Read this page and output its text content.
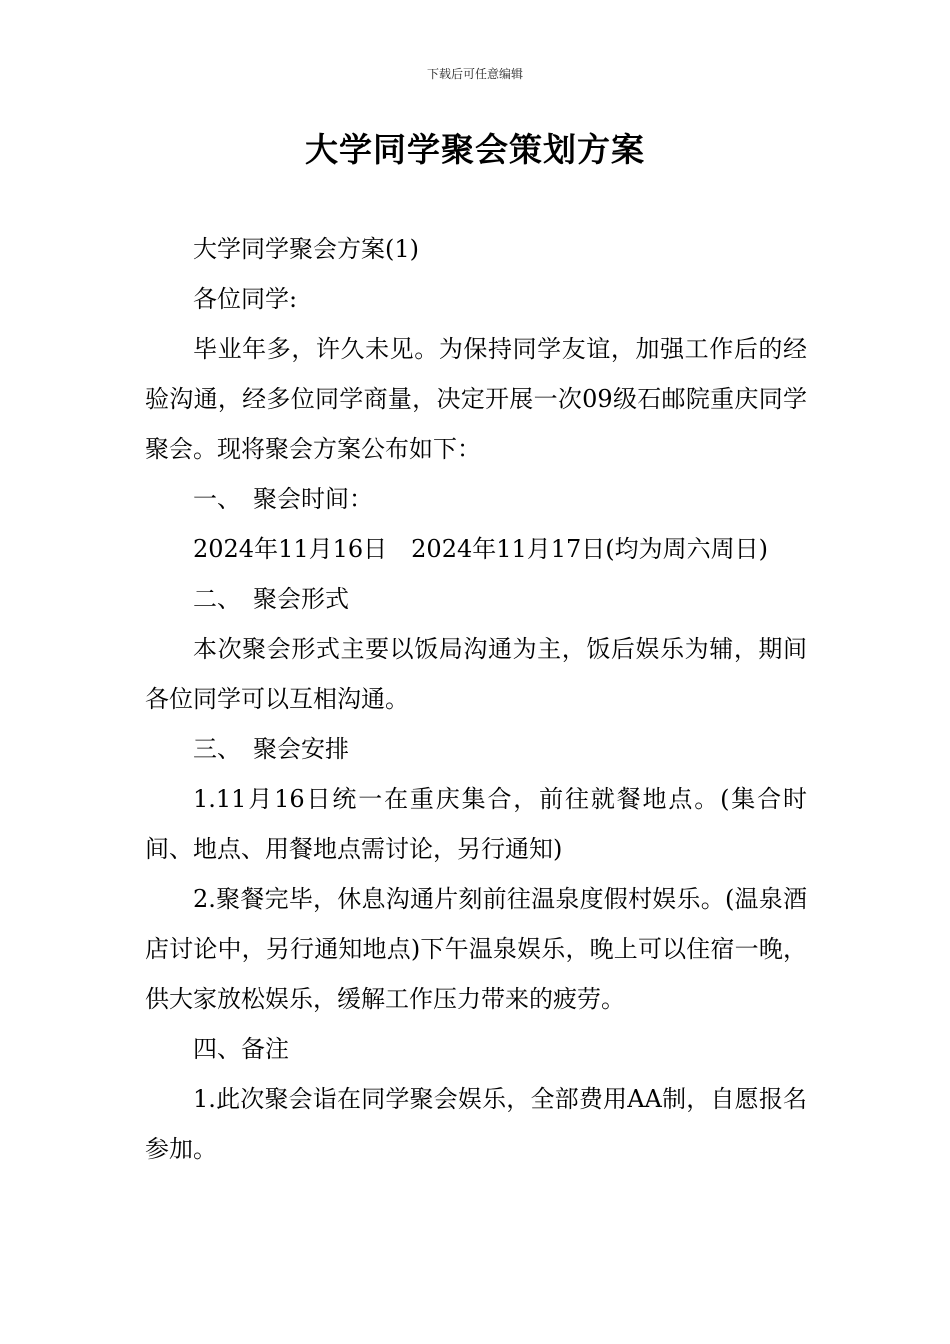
下载后可任意编辑
大学同学聚会策划方案

大学同学聚会方案(1)

各位同学:

毕业年多，许久未见。为保持同学友谊，加强工作后的经验沟通，经多位同学商量，决定开展一次09级石邮院重庆同学聚会。现将聚会方案公布如下：

一、　聚会时间：

2024年11月16日　2024年11月17日(均为周六周日)

二、　聚会形式

本次聚会形式主要以饭局沟通为主，饭后娱乐为辅，期间各位同学可以互相沟通。

三、　聚会安排

1.11月16日统一在重庆集合，前往就餐地点。(集合时间、地点、用餐地点需讨论，另行通知)

2.聚餐完毕，休息沟通片刻前往温泉度假村娱乐。(温泉酒店讨论中，另行通知地点)下午温泉娱乐，晚上可以住宿一晚，供大家放松娱乐，缓解工作压力带来的疲劳。

四、备注

1.此次聚会诣在同学聚会娱乐，全部费用AA制，自愿报名参加。
